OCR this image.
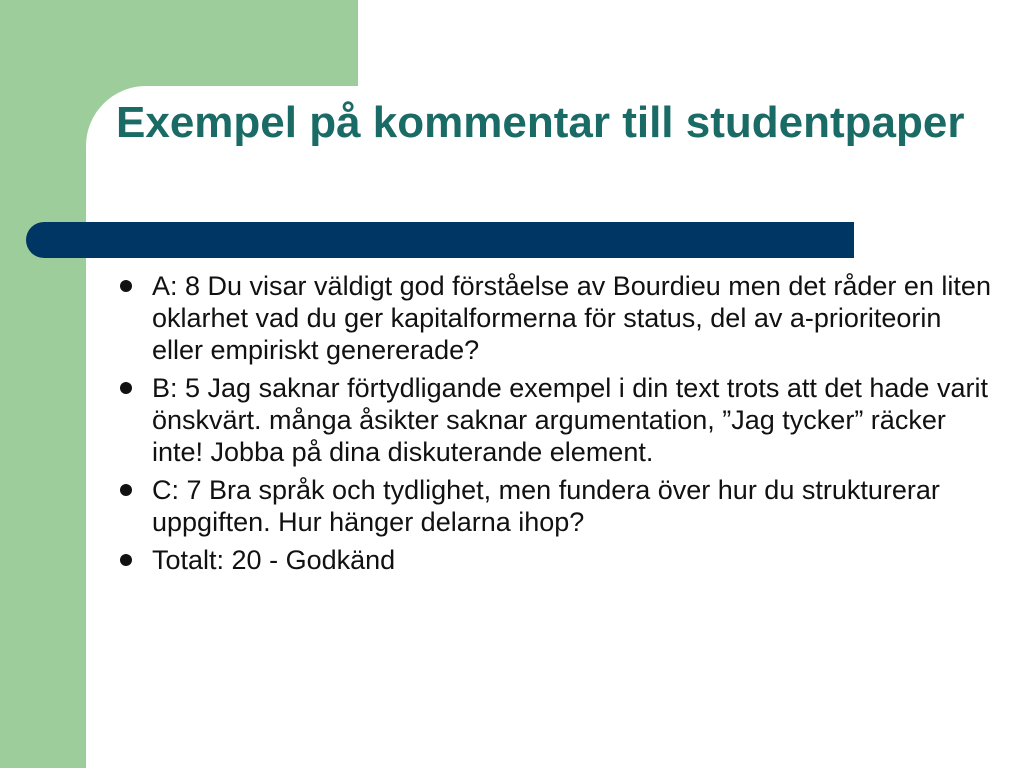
Exempel på kommentar till studentpaper
A: 8 Du visar väldigt god förståelse av Bourdieu men det råder en liten oklarhet vad du ger kapitalformerna för status, del av a-prioriteorin eller empiriskt genererade?
B: 5 Jag saknar förtydligande exempel i din text trots att det hade varit önskvärt. många åsikter saknar argumentation, ”Jag tycker” räcker inte! Jobba på dina diskuterande element.
C: 7 Bra språk och tydlighet, men fundera över hur du strukturerar uppgiften. Hur hänger delarna ihop?
Totalt: 20 - Godkänd
